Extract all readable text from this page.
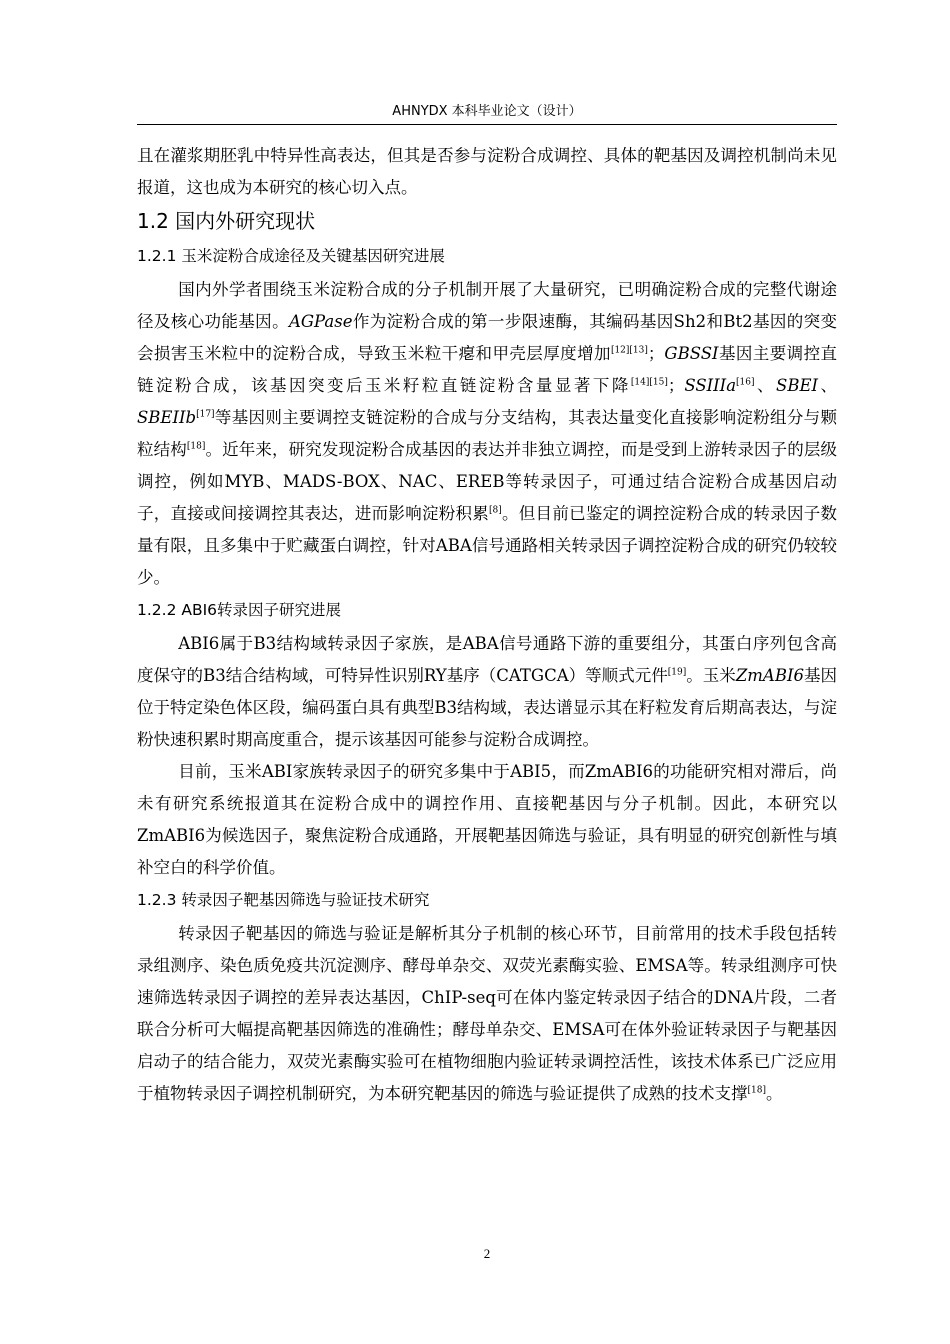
AHNYDX 本科毕业论文（设计）

且在灌浆期胚乳中特异性高表达，但其是否参与淀粉合成调控、具体的靶基因及调控机制尚未见报道，这也成为本研究的核心切入点。

1.2 国内外研究现状
1.2.1 玉米淀粉合成途径及关键基因研究进展

国内外学者围绕玉米淀粉合成的分子机制开展了大量研究，已明确淀粉合成的完整代谢途径及核心功能基因。AGPase作为淀粉合成的第一步限速酶，其编码基因Sh2和Bt2基因的突变会损害玉米粒中的淀粉合成，导致玉米粒干瘪和甲壳层厚度增加[12][13]；GBSSI基因主要调控直链淀粉合成，该基因突变后玉米籽粒直链淀粉含量显著下降[14][15]；SSIIIa[16]、SBEI、SBEIIb[17]等基因则主要调控支链淀粉的合成与分支结构，其表达量变化直接影响淀粉组分与颗粒结构[18]。近年来，研究发现淀粉合成基因的表达并非独立调控，而是受到上游转录因子的层级调控，例如MYB、MADS-BOX、NAC、EREB等转录因子，可通过结合淀粉合成基因启动子，直接或间接调控其表达，进而影响淀粉积累[8]。但目前已鉴定的调控淀粉合成的转录因子数量有限，且多集中于贮藏蛋白调控，针对ABA信号通路相关转录因子调控淀粉合成的研究仍较较少。

1.2.2 ABI6转录因子研究进展

ABI6属于B3结构域转录因子家族，是ABA信号通路下游的重要组分，其蛋白序列包含高度保守的B3结合结构域，可特异性识别RY基序（CATGCA）等顺式元件[19]。玉米ZmABI6基因位于特定染色体区段，编码蛋白具有典型B3结构域，表达谱显示其在籽粒发育后期高表达，与淀粉快速积累时期高度重合，提示该基因可能参与淀粉合成调控。

目前，玉米ABI家族转录因子的研究多集中于ABI5，而ZmABI6的功能研究相对滞后，尚未有研究系统报道其在淀粉合成中的调控作用、直接靶基因与分子机制。因此，本研究以ZmABI6为候选因子，聚焦淀粉合成通路，开展靶基因筛选与验证，具有明显的研究创新性与填补空白的科学价值。

1.2.3 转录因子靶基因筛选与验证技术研究

转录因子靶基因的筛选与验证是解析其分子机制的核心环节，目前常用的技术手段包括转录组测序、染色质免疫共沉淀测序、酵母单杂交、双荧光素酶实验、EMSA等。转录组测序可快速筛选转录因子调控的差异表达基因，ChIP-seq可在体内鉴定转录因子结合的DNA片段，二者联合分析可大幅提高靶基因筛选的准确性；酵母单杂交、EMSA可在体外验证转录因子与靶基因启动子的结合能力，双荧光素酶实验可在植物细胞内验证转录调控活性，该技术体系已广泛应用于植物转录因子调控机制研究，为本研究靶基因的筛选与验证提供了成熟的技术支撑[18]。

2
